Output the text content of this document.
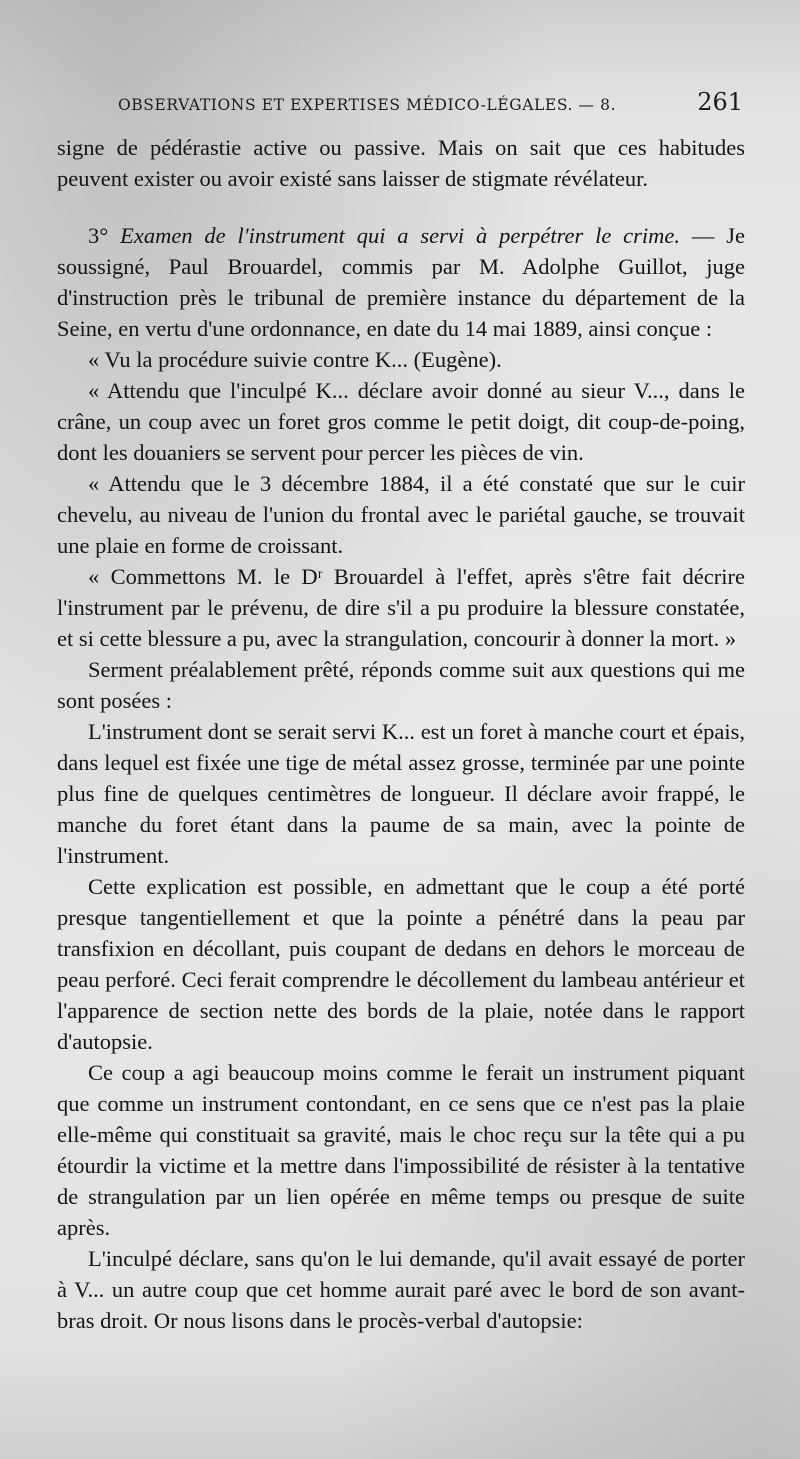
OBSERVATIONS ET EXPERTISES MÉDICO-LÉGALES. — 8.	261

signe de pédérastie active ou passive. Mais on sait que ces habitudes peuvent exister ou avoir existé sans laisser de stigmate révélateur.

3° Examen de l'instrument qui a servi à perpétrer le crime. — Je soussigné, Paul Brouardel, commis par M. Adolphe Guillot, juge d'instruction près le tribunal de première instance du département de la Seine, en vertu d'une ordonnance, en date du 14 mai 1889, ainsi conçue :

« Vu la procédure suivie contre K... (Eugène).

« Attendu que l'inculpé K... déclare avoir donné au sieur V..., dans le crâne, un coup avec un foret gros comme le petit doigt, dit coup-de-poing, dont les douaniers se servent pour percer les pièces de vin.

« Attendu que le 3 décembre 1884, il a été constaté que sur le cuir chevelu, au niveau de l'union du frontal avec le pariétal gauche, se trouvait une plaie en forme de croissant.

« Commettons M. le Dʳ Brouardel à l'effet, après s'être fait décrire l'instrument par le prévenu, de dire s'il a pu produire la blessure constatée, et si cette blessure a pu, avec la strangulation, concourir à donner la mort. »

Serment préalablement prêté, réponds comme suit aux questions qui me sont posées :

L'instrument dont se serait servi K... est un foret à manche court et épais, dans lequel est fixée une tige de métal assez grosse, terminée par une pointe plus fine de quelques centimètres de longueur. Il déclare avoir frappé, le manche du foret étant dans la paume de sa main, avec la pointe de l'instrument.

Cette explication est possible, en admettant que le coup a été porté presque tangentiellement et que la pointe a pénétré dans la peau par transfixion en décollant, puis coupant de dedans en dehors le morceau de peau perforé. Ceci ferait comprendre le décollement du lambeau antérieur et l'apparence de section nette des bords de la plaie, notée dans le rapport d'autopsie.

Ce coup a agi beaucoup moins comme le ferait un instrument piquant que comme un instrument contondant, en ce sens que ce n'est pas la plaie elle-même qui constituait sa gravité, mais le choc reçu sur la tête qui a pu étourdir la victime et la mettre dans l'impossibilité de résister à la tentative de strangulation par un lien opérée en même temps ou presque de suite après.

L'inculpé déclare, sans qu'on le lui demande, qu'il avait essayé de porter à V... un autre coup que cet homme aurait paré avec le bord de son avant-bras droit. Or nous lisons dans le procès-verbal d'autopsie:
